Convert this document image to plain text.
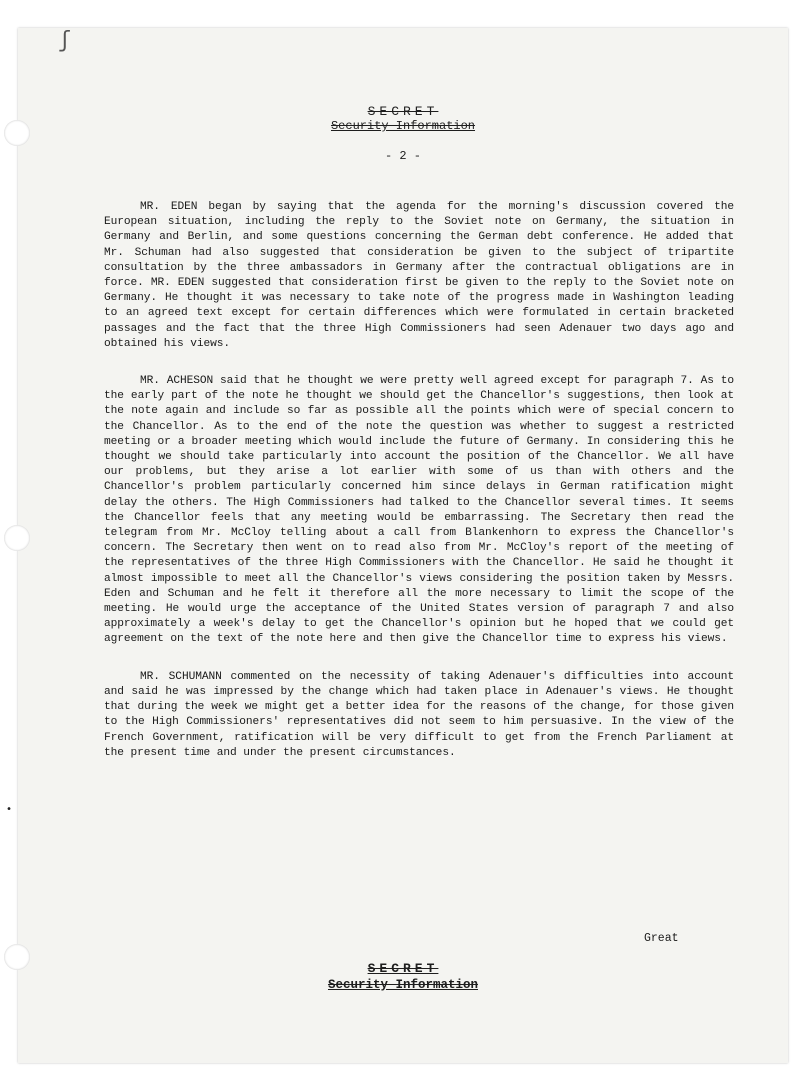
ʃ
•
SECRET
Security Information
- 2 -

MR. EDEN began by saying that the agenda for the morning's discussion covered the European situation, including the reply to the Soviet note on Germany, the situation in Germany and Berlin, and some questions concerning the German debt conference. He added that Mr. Schuman had also suggested that consideration be given to the subject of tripartite consultation by the three ambassadors in Germany after the contractual obligations are in force. MR. EDEN suggested that consideration first be given to the reply to the Soviet note on Germany. He thought it was necessary to take note of the progress made in Washington leading to an agreed text except for certain differences which were formulated in certain bracketed passages and the fact that the three High Commissioners had seen Adenauer two days ago and obtained his views.

MR. ACHESON said that he thought we were pretty well agreed except for paragraph 7. As to the early part of the note he thought we should get the Chancellor's suggestions, then look at the note again and include so far as possible all the points which were of special concern to the Chancellor. As to the end of the note the question was whether to suggest a restricted meeting or a broader meeting which would include the future of Germany. In considering this he thought we should take particularly into account the position of the Chancellor. We all have our problems, but they arise a lot earlier with some of us than with others and the Chancellor's problem particularly concerned him since delays in German ratification might delay the others. The High Commissioners had talked to the Chancellor several times. It seems the Chancellor feels that any meeting would be embarrassing. The Secretary then read the telegram from Mr. McCloy telling about a call from Blankenhorn to express the Chancellor's concern. The Secretary then went on to read also from Mr. McCloy's report of the meeting of the representatives of the three High Commissioners with the Chancellor. He said he thought it almost impossible to meet all the Chancellor's views considering the position taken by Messrs. Eden and Schuman and he felt it therefore all the more necessary to limit the scope of the meeting. He would urge the acceptance of the United States version of paragraph 7 and also approximately a week's delay to get the Chancellor's opinion but he hoped that we could get agreement on the text of the note here and then give the Chancellor time to express his views.

MR. SCHUMANN commented on the necessity of taking Adenauer's difficulties into account and said he was impressed by the change which had taken place in Adenauer's views. He thought that during the week we might get a better idea for the reasons of the change, for those given to the High Commissioners' representatives did not seem to him persuasive. In the view of the French Government, ratification will be very difficult to get from the French Parliament at the present time and under the present circumstances.

Great
SECRET
Security Information
